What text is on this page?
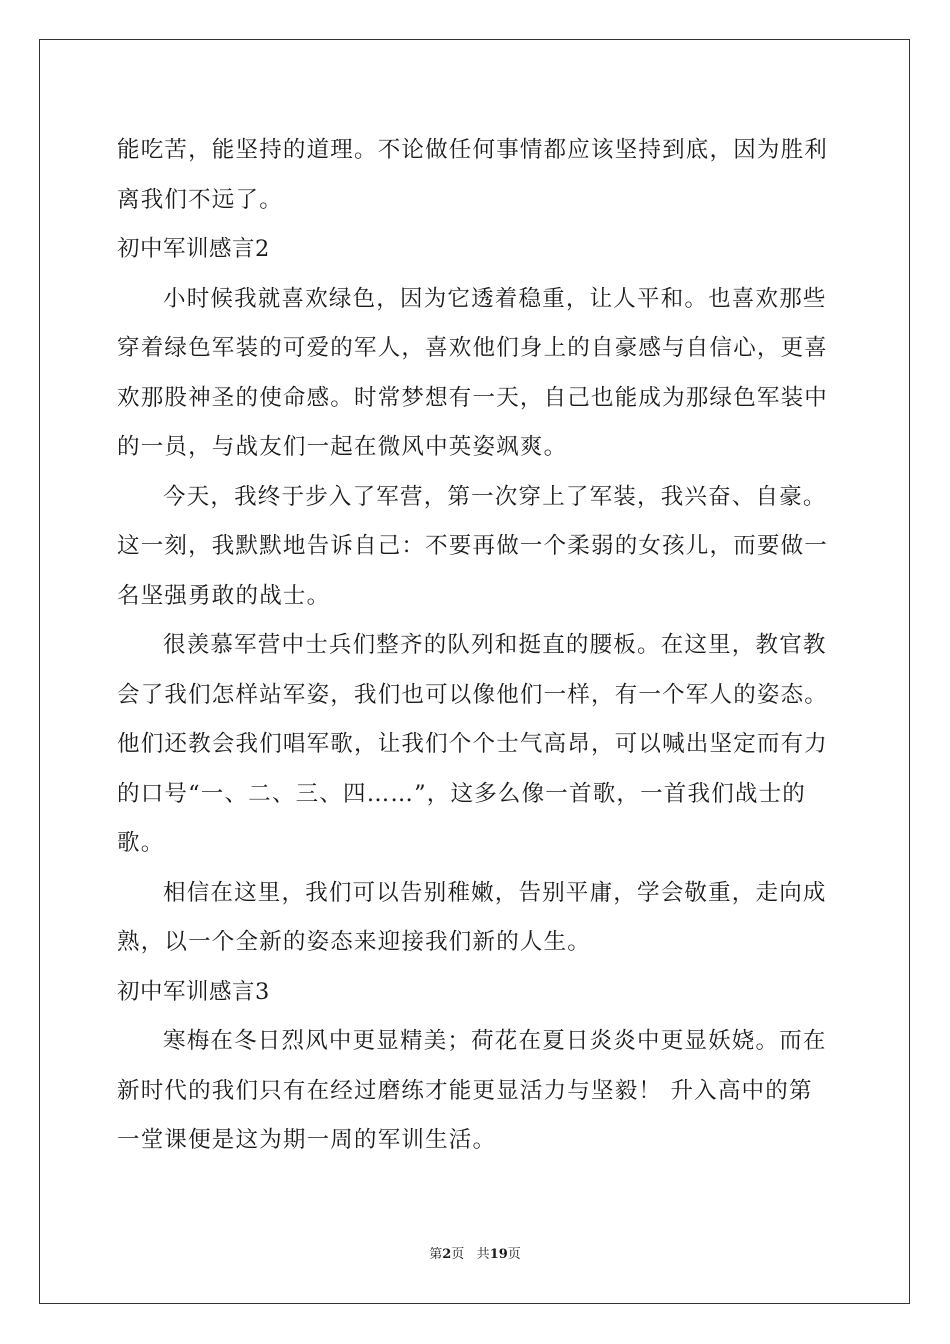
能吃苦，能坚持的道理。不论做任何事情都应该坚持到底，因为胜利
离我们不远了。
初中军训感言2
小时候我就喜欢绿色，因为它透着稳重，让人平和。也喜欢那些
穿着绿色军装的可爱的军人，喜欢他们身上的自豪感与自信心，更喜
欢那股神圣的使命感。时常梦想有一天，自己也能成为那绿色军装中
的一员，与战友们一起在微风中英姿飒爽。
今天，我终于步入了军营，第一次穿上了军装，我兴奋、自豪。
这一刻，我默默地告诉自己：不要再做一个柔弱的女孩儿，而要做一
名坚强勇敢的战士。
很羡慕军营中士兵们整齐的队列和挺直的腰板。在这里，教官教
会了我们怎样站军姿，我们也可以像他们一样，有一个军人的姿态。
他们还教会我们唱军歌，让我们个个士气高昂，可以喊出坚定而有力
的口号“一、二、三、四……”，这多么像一首歌，一首我们战士的
歌。
相信在这里，我们可以告别稚嫩，告别平庸，学会敬重，走向成
熟，以一个全新的姿态来迎接我们新的人生。
初中军训感言3
寒梅在冬日烈风中更显精美；荷花在夏日炎炎中更显妖娆。而在
新时代的我们只有在经过磨练才能更显活力与坚毅！ 升入高中的第
一堂课便是这为期一周的军训生活。
第2页 共19页
